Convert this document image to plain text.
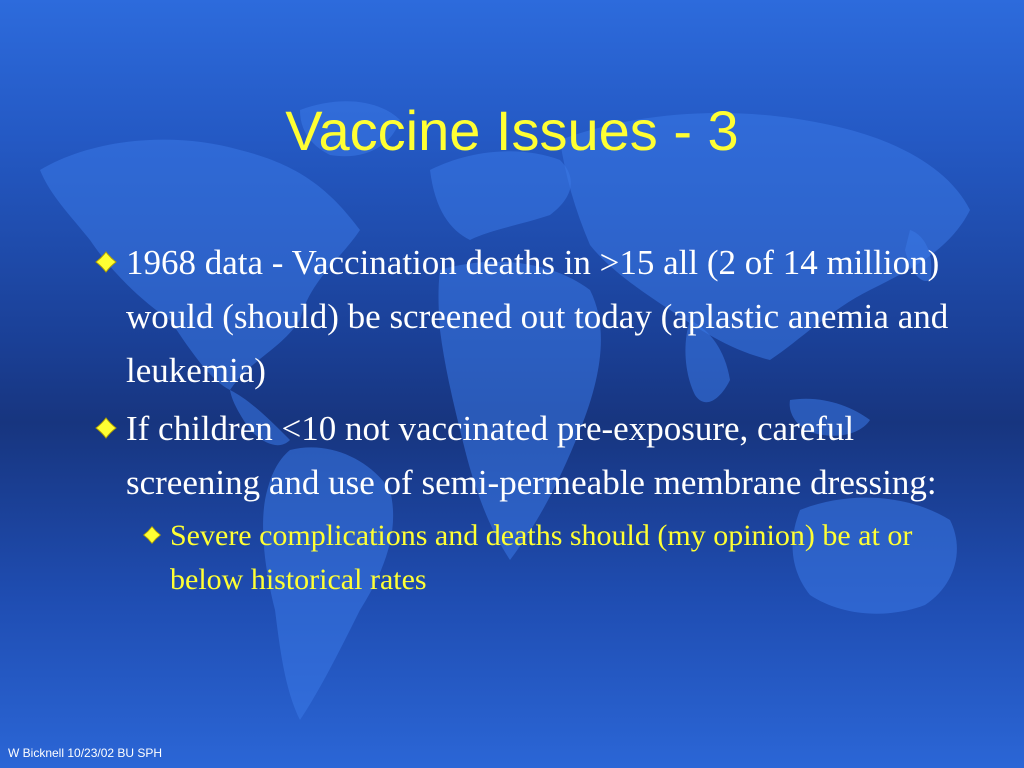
Vaccine Issues - 3
1968 data - Vaccination deaths in >15 all (2 of 14 million) would (should) be screened out today (aplastic anemia and leukemia)
If children <10 not vaccinated pre-exposure, careful screening and use of semi-permeable membrane dressing:
Severe complications and deaths should (my opinion) be at or below historical rates
W Bicknell 10/23/02 BU SPH
